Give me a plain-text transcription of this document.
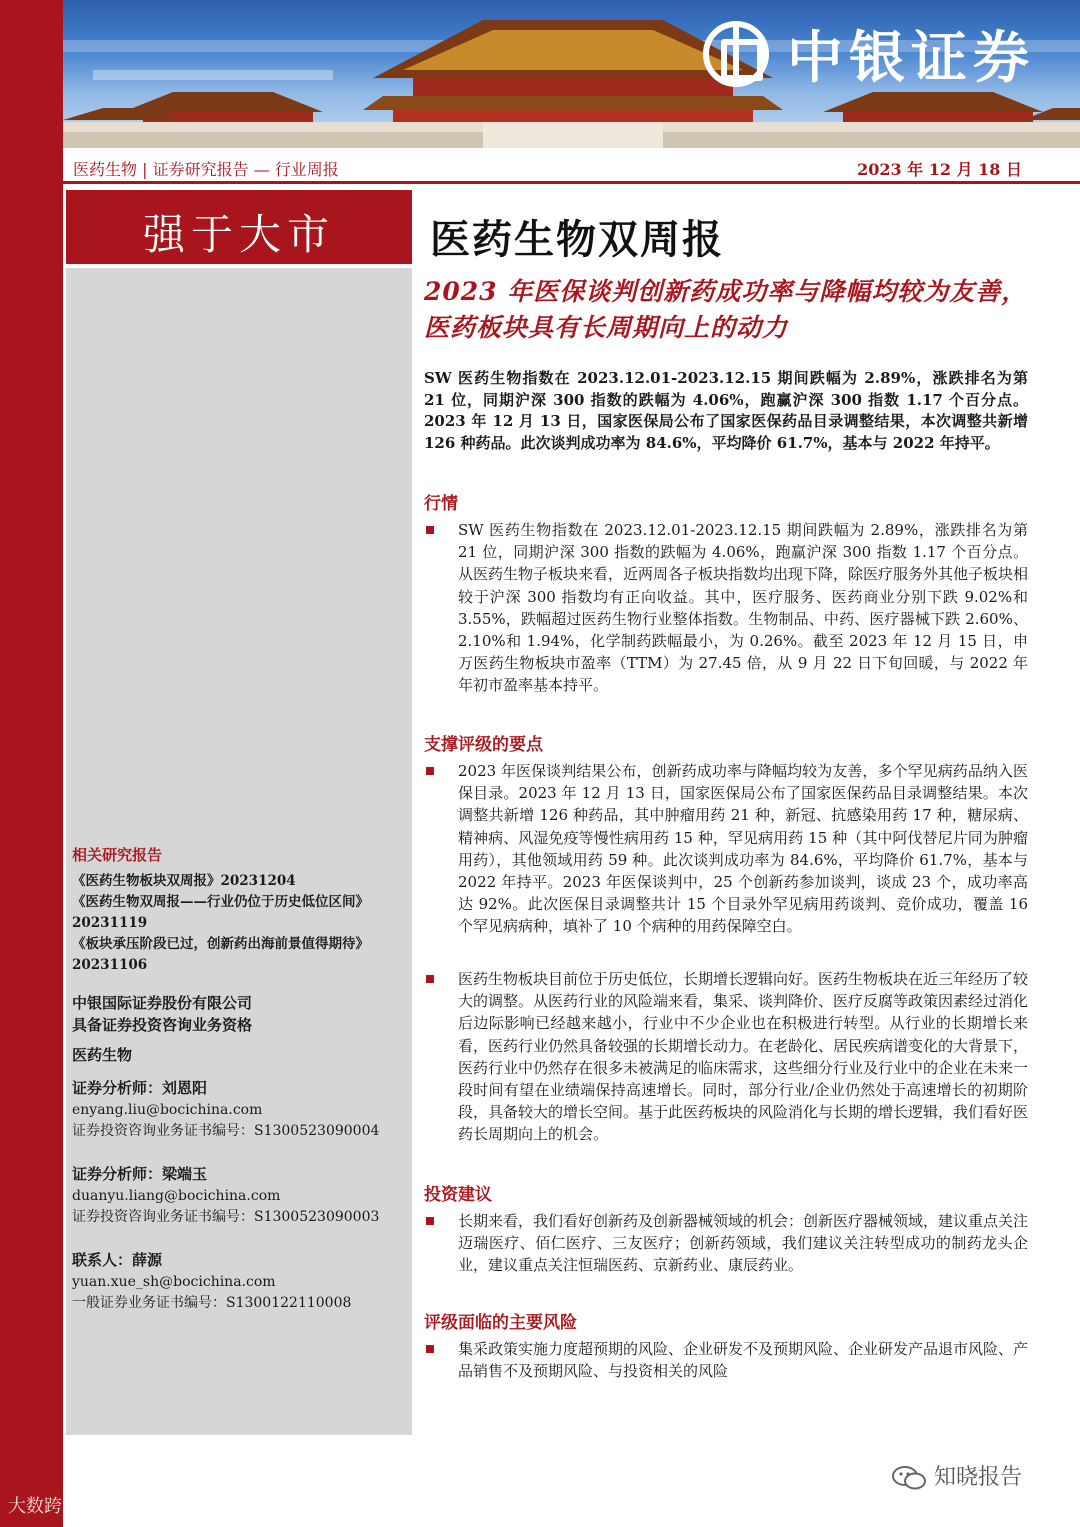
中银证券
医药生物 | 证券研究报告 — 行业周报	2023 年 12 月 18 日
强于大市
相关研究报告
《医药生物板块双周报》20231204
《医药生物双周报——行业仍位于历史低位区间》20231119
《板块承压阶段已过，创新药出海前景值得期待》20231106
中银国际证券股份有限公司
具备证券投资咨询业务资格
医药生物
证券分析师：刘恩阳
enyang.liu@bocichina.com
证券投资咨询业务证书编号：S1300523090004
证券分析师：梁端玉
duanyu.liang@bocichina.com
证券投资咨询业务证书编号：S1300523090003
联系人：薛源
yuan.xue_sh@bocichina.com
一般证券业务证书编号：S1300122110008
医药生物双周报
2023 年医保谈判创新药成功率与降幅均较为友善，医药板块具有长周期向上的动力
SW 医药生物指数在 2023.12.01-2023.12.15 期间跌幅为 2.89%，涨跌排名为第 21 位，同期沪深 300 指数的跌幅为 4.06%，跑赢沪深 300 指数 1.17 个百分点。2023 年 12 月 13 日，国家医保局公布了国家医保药品目录调整结果，本次调整共新增 126 种药品。此次谈判成功率为 84.6%，平均降价 61.7%，基本与 2022 年持平。
行情
SW 医药生物指数在 2023.12.01-2023.12.15 期间跌幅为 2.89%，涨跌排名为第 21 位，同期沪深 300 指数的跌幅为 4.06%，跑赢沪深 300 指数 1.17 个百分点。从医药生物子板块来看，近两周各子板块指数均出现下降，除医疗服务外其他子板块相较于沪深 300 指数均有正向收益。其中，医疗服务、医药商业分别下跌 9.02%和 3.55%，跌幅超过医药生物行业整体指数。生物制品、中药、医疗器械下跌 2.60%、2.10%和 1.94%，化学制药跌幅最小，为 0.26%。截至 2023 年 12 月 15 日，申万医药生物板块市盈率（TTM）为 27.45 倍，从 9 月 22 日下旬回暖，与 2022 年年初市盈率基本持平。
支撑评级的要点
2023 年医保谈判结果公布，创新药成功率与降幅均较为友善，多个罕见病药品纳入医保目录。2023 年 12 月 13 日，国家医保局公布了国家医保药品目录调整结果。本次调整共新增 126 种药品，其中肿瘤用药 21 种，新冠、抗感染用药 17 种，糖尿病、精神病、风湿免疫等慢性病用药 15 种，罕见病用药 15 种（其中阿伐替尼片同为肿瘤用药），其他领域用药 59 种。此次谈判成功率为 84.6%，平均降价 61.7%，基本与 2022 年持平。2023 年医保谈判中，25 个创新药参加谈判，谈成 23 个，成功率高达 92%。此次医保目录调整共计 15 个目录外罕见病用药谈判、竞价成功，覆盖 16 个罕见病病种，填补了 10 个病种的用药保障空白。
医药生物板块目前位于历史低位，长期增长逻辑向好。医药生物板块在近三年经历了较大的调整。从医药行业的风险端来看，集采、谈判降价、医疗反腐等政策因素经过消化后边际影响已经越来越小，行业中不少企业也在积极进行转型。从行业的长期增长来看，医药行业仍然具备较强的长期增长动力。在老龄化、居民疾病谱变化的大背景下，医药行业中仍然存在很多未被满足的临床需求，这些细分行业及行业中的企业在未来一段时间有望在业绩端保持高速增长。同时，部分行业/企业仍然处于高速增长的初期阶段，具备较大的增长空间。基于此医药板块的风险消化与长期的增长逻辑，我们看好医药长周期向上的机会。
投资建议
长期来看，我们看好创新药及创新器械领域的机会：创新医疗器械领域，建议重点关注迈瑞医疗、佰仁医疗、三友医疗；创新药领域，我们建议关注转型成功的制药龙头企业，建议重点关注恒瑞医药、京新药业、康辰药业。
评级面临的主要风险
集采政策实施力度超预期的风险、企业研发不及预期风险、企业研发产品退市风险、产品销售不及预期风险、与投资相关的风险
知晓报告
大数跨境
